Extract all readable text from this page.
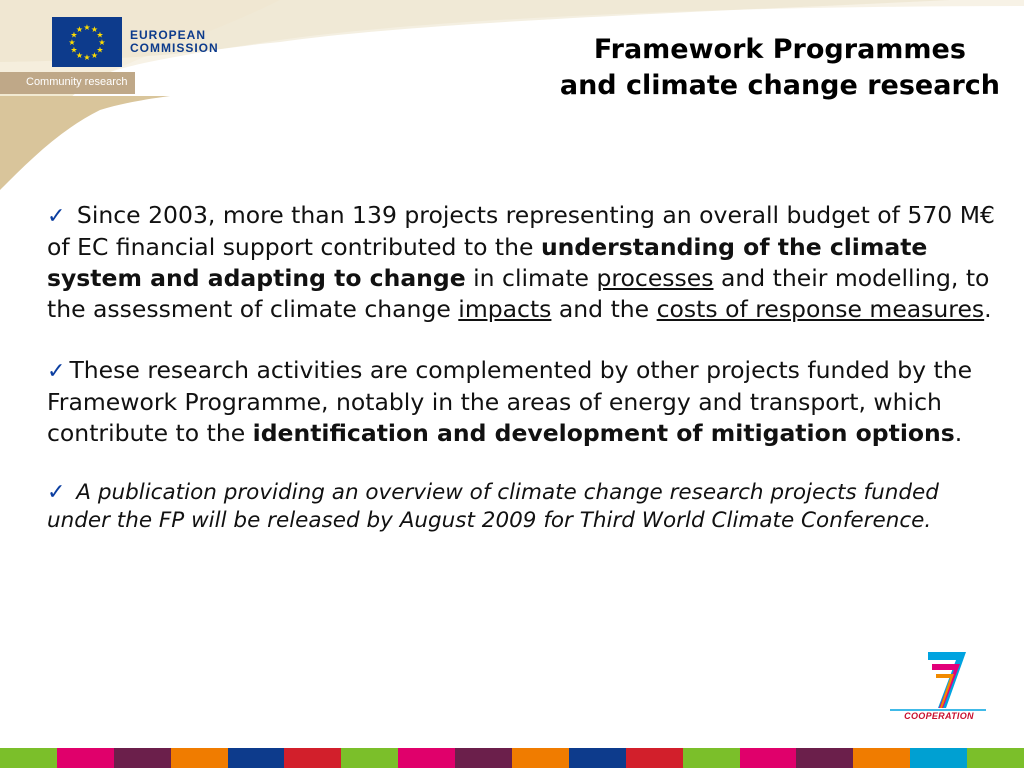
★ ★
★
★
★
★
★
★
★
★
★
★	EUROPEAN
COMMISSION
Community research
Framework Programmes
and climate change research

✓ Since 2003, more than 139 projects representing an overall budget of 570 M€ of EC financial support contributed to the understanding of the climate system and adapting to change in climate processes and their modelling, to the assessment of climate change impacts and the costs of response measures.

✓ These research activities are complemented by other projects funded by the Framework Programme, notably in the areas of energy and transport, which contribute to the identification and development of mitigation options.

✓ A publication providing an overview of climate change research projects funded under the FP will be released by August 2009 for Third World Climate Conference.

COOPERATION
